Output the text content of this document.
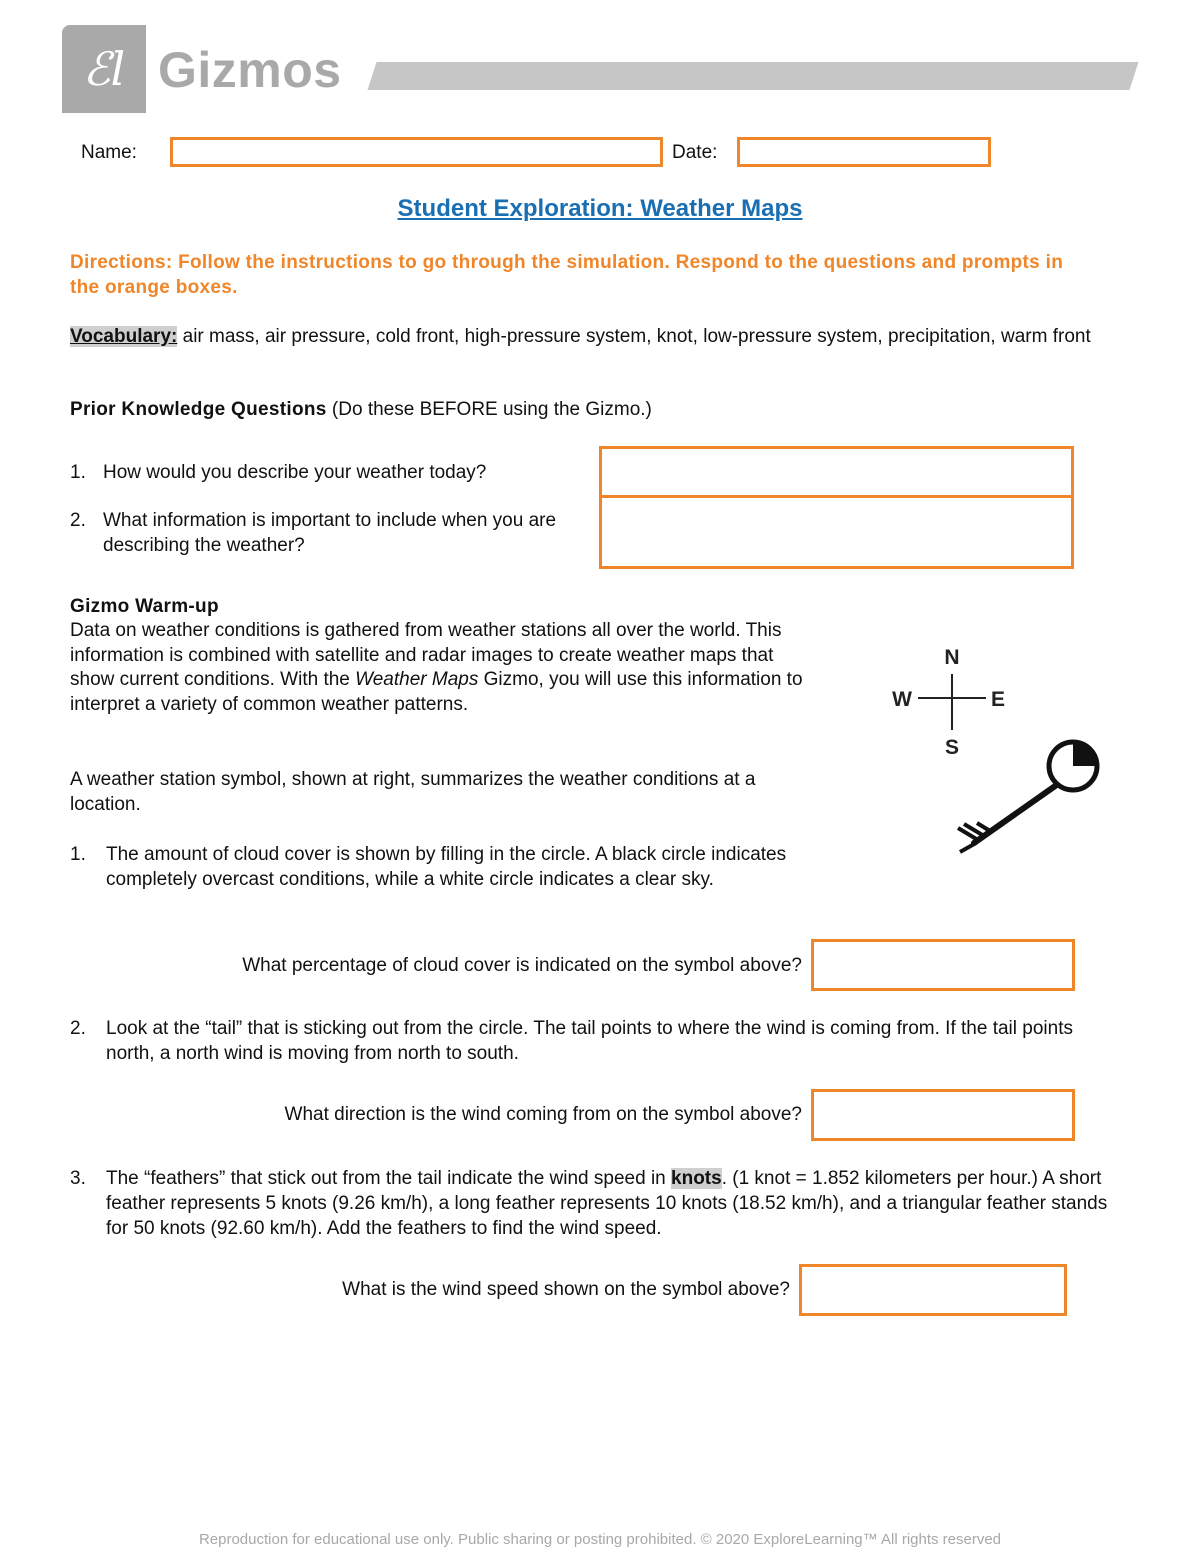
ℰl Gizmos
Name:	Date:
Student Exploration: Weather Maps
Directions: Follow the instructions to go through the simulation. Respond to the questions and prompts in the orange boxes.
Vocabulary: air mass, air pressure, cold front, high-pressure system, knot, low-pressure system, precipitation, warm front
Prior Knowledge Questions (Do these BEFORE using the Gizmo.)
1. How would you describe your weather today?
2. What information is important to include when you are describing the weather?
Gizmo Warm-up
Data on weather conditions is gathered from weather stations all over the world. This information is combined with satellite and radar images to create weather maps that show current conditions. With the Weather Maps Gizmo, you will use this information to interpret a variety of common weather patterns.
A weather station symbol, shown at right, summarizes the weather conditions at a location.
N
E
S
W
1. The amount of cloud cover is shown by filling in the circle. A black circle indicates completely overcast conditions, while a white circle indicates a clear sky.
What percentage of cloud cover is indicated on the symbol above?
2. Look at the “tail” that is sticking out from the circle. The tail points to where the wind is coming from. If the tail points north, a north wind is moving from north to south.
What direction is the wind coming from on the symbol above?
3. The “feathers” that stick out from the tail indicate the wind speed in knots. (1 knot = 1.852 kilometers per hour.) A short feather represents 5 knots (9.26 km/h), a long feather represents 10 knots (18.52 km/h), and a triangular feather stands for 50 knots (92.60 km/h). Add the feathers to find the wind speed.
What is the wind speed shown on the symbol above?
Reproduction for educational use only. Public sharing or posting prohibited. © 2020 ExploreLearning™ All rights reserved
